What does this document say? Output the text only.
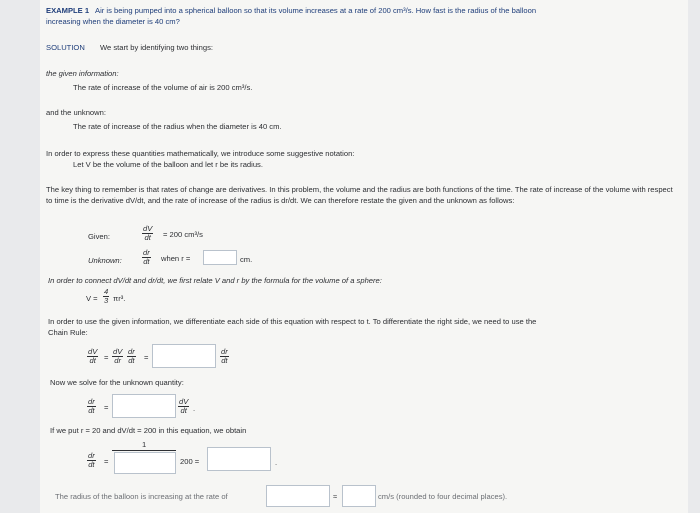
EXAMPLE 1 Air is being pumped into a spherical balloon so that its volume increases at a rate of 200 cm³/s. How fast is the radius of the balloon
increasing when the diameter is 40 cm?
SOLUTION We start by identifying two things:
the given information:
The rate of increase of the volume of air is 200 cm³/s.
and the unknown:
The rate of increase of the radius when the diameter is 40 cm.
In order to express these quantities mathematically, we introduce some suggestive notation:
Let V be the volume of the balloon and let r be its radius.
The key thing to remember is that rates of change are derivatives. In this problem, the volume and the radius are both functions of the time. The rate of increase of the volume with respect to time is the derivative dV/dt, and the rate of increase of the radius is dr/dt. We can therefore restate the given and the unknown as follows:
Given:	$\frac{dV}{dt} = 200$ cm³/s
Unknown:	$\frac{dr}{dt}$ when r =	cm.
In order to connect dV/dt and dr/dt, we first relate V and r by the formula for the volume of a sphere:
$V = \frac{4}{3} \pi r^3$.
In order to use the given information, we differentiate each side of this equation with respect to t. To differentiate the right side, we need to use the
Chain Rule:
$\frac{dV}{dt} = \frac{dV}{dr} \frac{dr}{dt}$ =	$\frac{dr}{dt}$
Now we solve for the unknown quantity:
$\frac{dr}{dt}$ =	$\frac{dV}{dt}$ .
If we put r = 20 and dV/dt = 200 in this equation, we obtain
$\frac{dr}{dt}$ =
1
200 =	.
The radius of the balloon is increasing at the rate of	≈	cm/s (rounded to four decimal places).
